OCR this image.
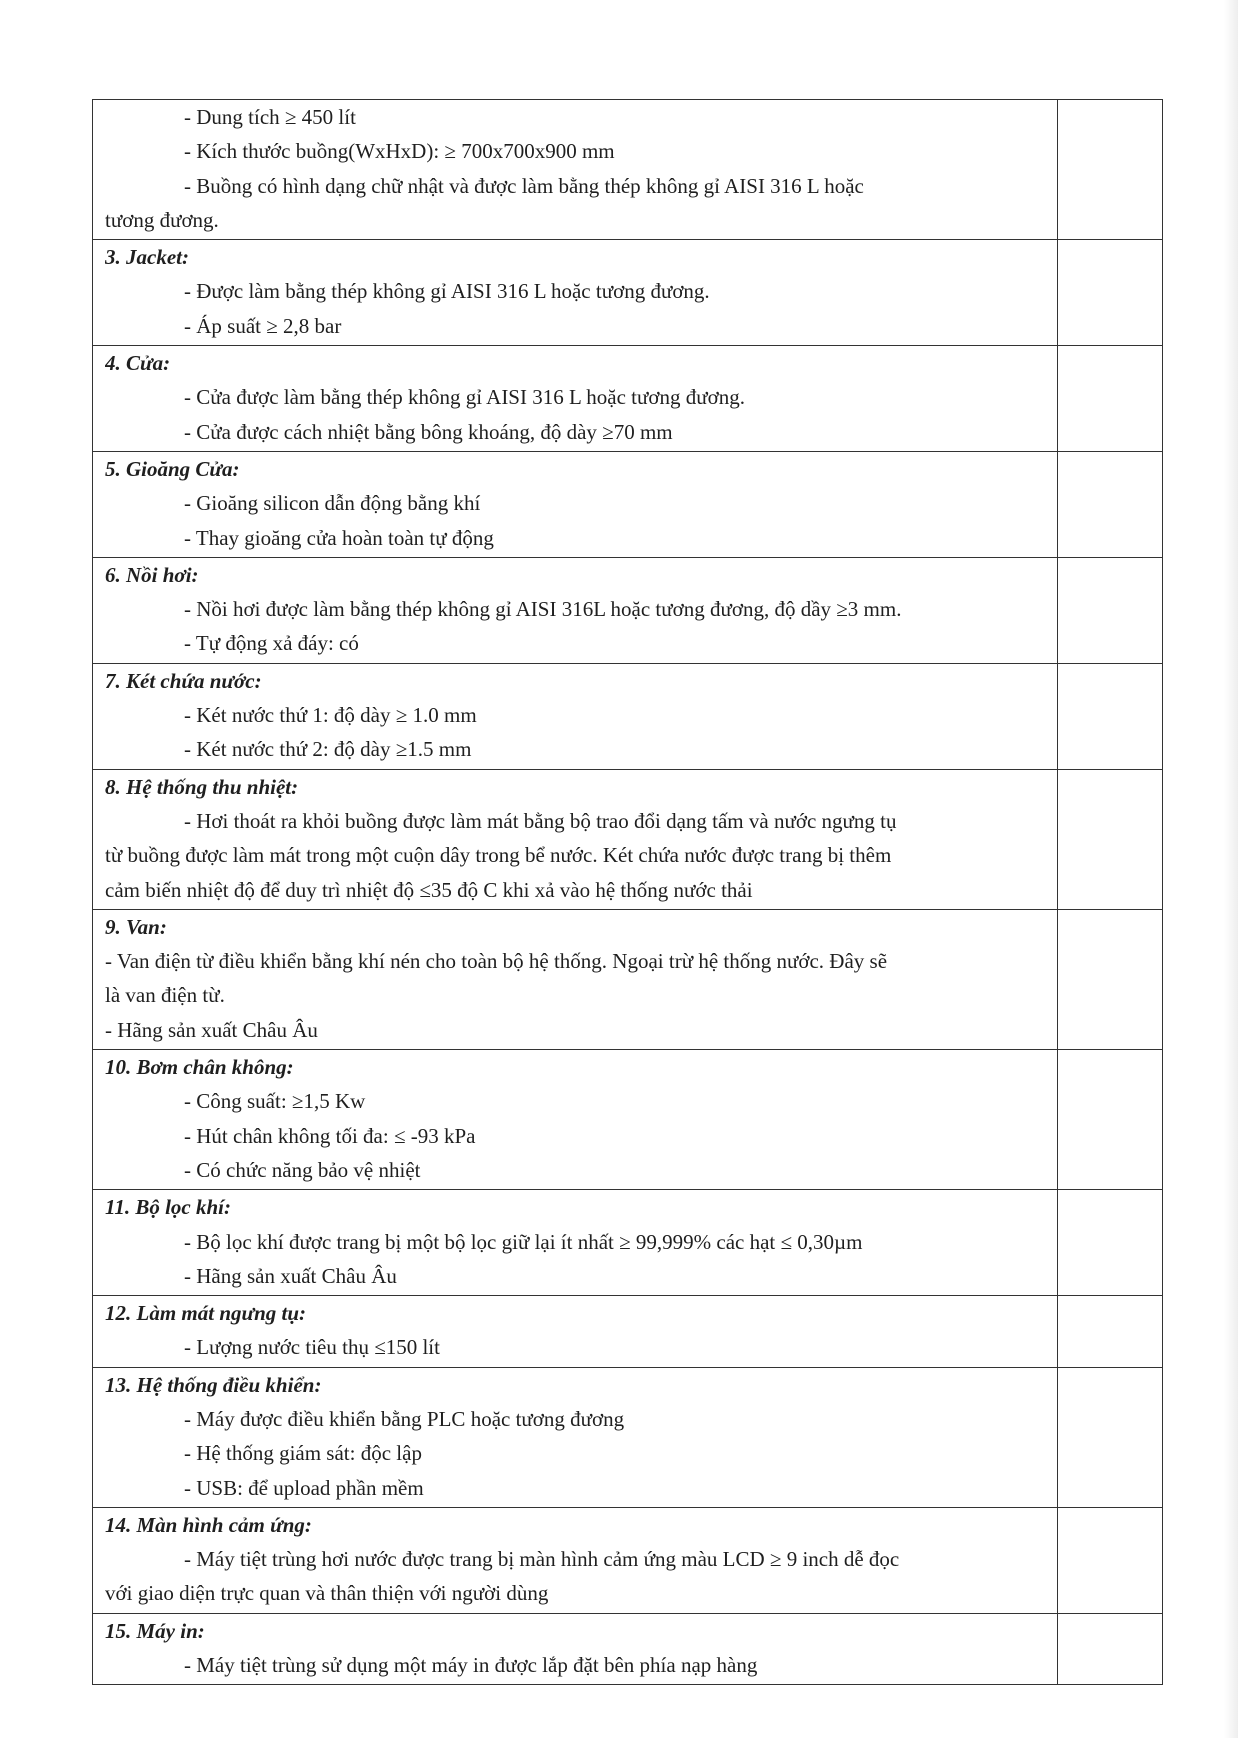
- Dung tích ≥ 450 lít
- Kích thước buồng(WxHxD): ≥ 700x700x900 mm
- Buồng có hình dạng chữ nhật và được làm bằng thép không gỉ AISI 316 L hoặc
tương đương.	

3. Jacket:
- Được làm bằng thép không gỉ AISI 316 L hoặc tương đương.
- Áp suất ≥ 2,8 bar	

4. Cửa:
- Cửa được làm bằng thép không gỉ AISI 316 L hoặc tương đương.
- Cửa được cách nhiệt bằng bông khoáng, độ dày ≥70 mm	

5. Gioăng Cửa:
- Gioăng silicon dẫn động bằng khí
- Thay gioăng cửa hoàn toàn tự động	

6. Nồi hơi:
- Nồi hơi được làm bằng thép không gỉ AISI 316L hoặc tương đương, độ dầy ≥3 mm.
- Tự động xả đáy: có	

7. Két chứa nước:
- Két nước thứ 1: độ dày ≥ 1.0 mm
- Két nước thứ 2: độ dày ≥1.5 mm	

8. Hệ thống thu nhiệt:
- Hơi thoát ra khỏi buồng được làm mát bằng bộ trao đổi dạng tấm và nước ngưng tụ
từ buồng được làm mát trong một cuộn dây trong bể nước. Két chứa nước được trang bị thêm
cảm biến nhiệt độ để duy trì nhiệt độ ≤35 độ C khi xả vào hệ thống nước thải	

9. Van:
- Van điện từ điều khiển bằng khí nén cho toàn bộ hệ thống. Ngoại trừ hệ thống nước. Đây sẽ
là van điện từ.
- Hãng sản xuất Châu Âu	

10. Bơm chân không:
- Công suất: ≥1,5 Kw
- Hút chân không tối đa: ≤ -93 kPa
- Có chức năng bảo vệ nhiệt	

11. Bộ lọc khí:
- Bộ lọc khí được trang bị một bộ lọc giữ lại ít nhất ≥ 99,999% các hạt ≤ 0,30µm
- Hãng sản xuất Châu Âu	

12. Làm mát ngưng tụ:
- Lượng nước tiêu thụ ≤150 lít	

13. Hệ thống điều khiển:
- Máy được điều khiển bằng PLC hoặc tương đương
- Hệ thống giám sát: độc lập
- USB: để upload phần mềm	

14. Màn hình cảm ứng:
- Máy tiệt trùng hơi nước được trang bị màn hình cảm ứng màu LCD ≥ 9 inch dễ đọc
với giao diện trực quan và thân thiện với người dùng	

15. Máy in:
- Máy tiệt trùng sử dụng một máy in được lắp đặt bên phía nạp hàng	
